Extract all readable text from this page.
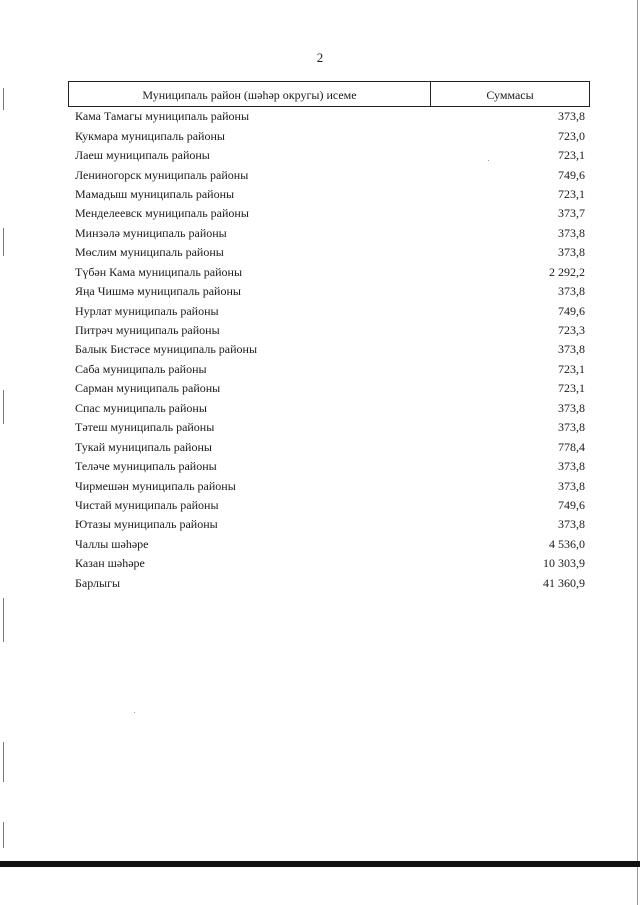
2
Муниципаль район (шәһәр округы) исеме	Суммасы
Кама Тамагы муниципаль районы	373,8
Кукмара муниципаль районы	723,0
Лаеш муниципаль районы	723,1
Лениногорск муниципаль районы	749,6
Мамадыш муниципаль районы	723,1
Менделеевск муниципаль районы	373,7
Минзәлә муниципаль районы	373,8
Мөслим муниципаль районы	373,8
Түбән Кама муниципаль районы	2 292,2
Яңа Чишмә муниципаль районы	373,8
Нурлат муниципаль районы	749,6
Питрәч муниципаль районы	723,3
Балык Бистәсе муниципаль районы	373,8
Саба муниципаль районы	723,1
Сарман муниципаль районы	723,1
Спас муниципаль районы	373,8
Тәтеш муниципаль районы	373,8
Тукай муниципаль районы	778,4
Теләче муниципаль районы	373,8
Чирмешән муниципаль районы	373,8
Чистай муниципаль районы	749,6
Ютазы муниципаль районы	373,8
Чаллы шәһәре	4 536,0
Казан шәһәре	10 303,9
Барлыгы	41 360,9
